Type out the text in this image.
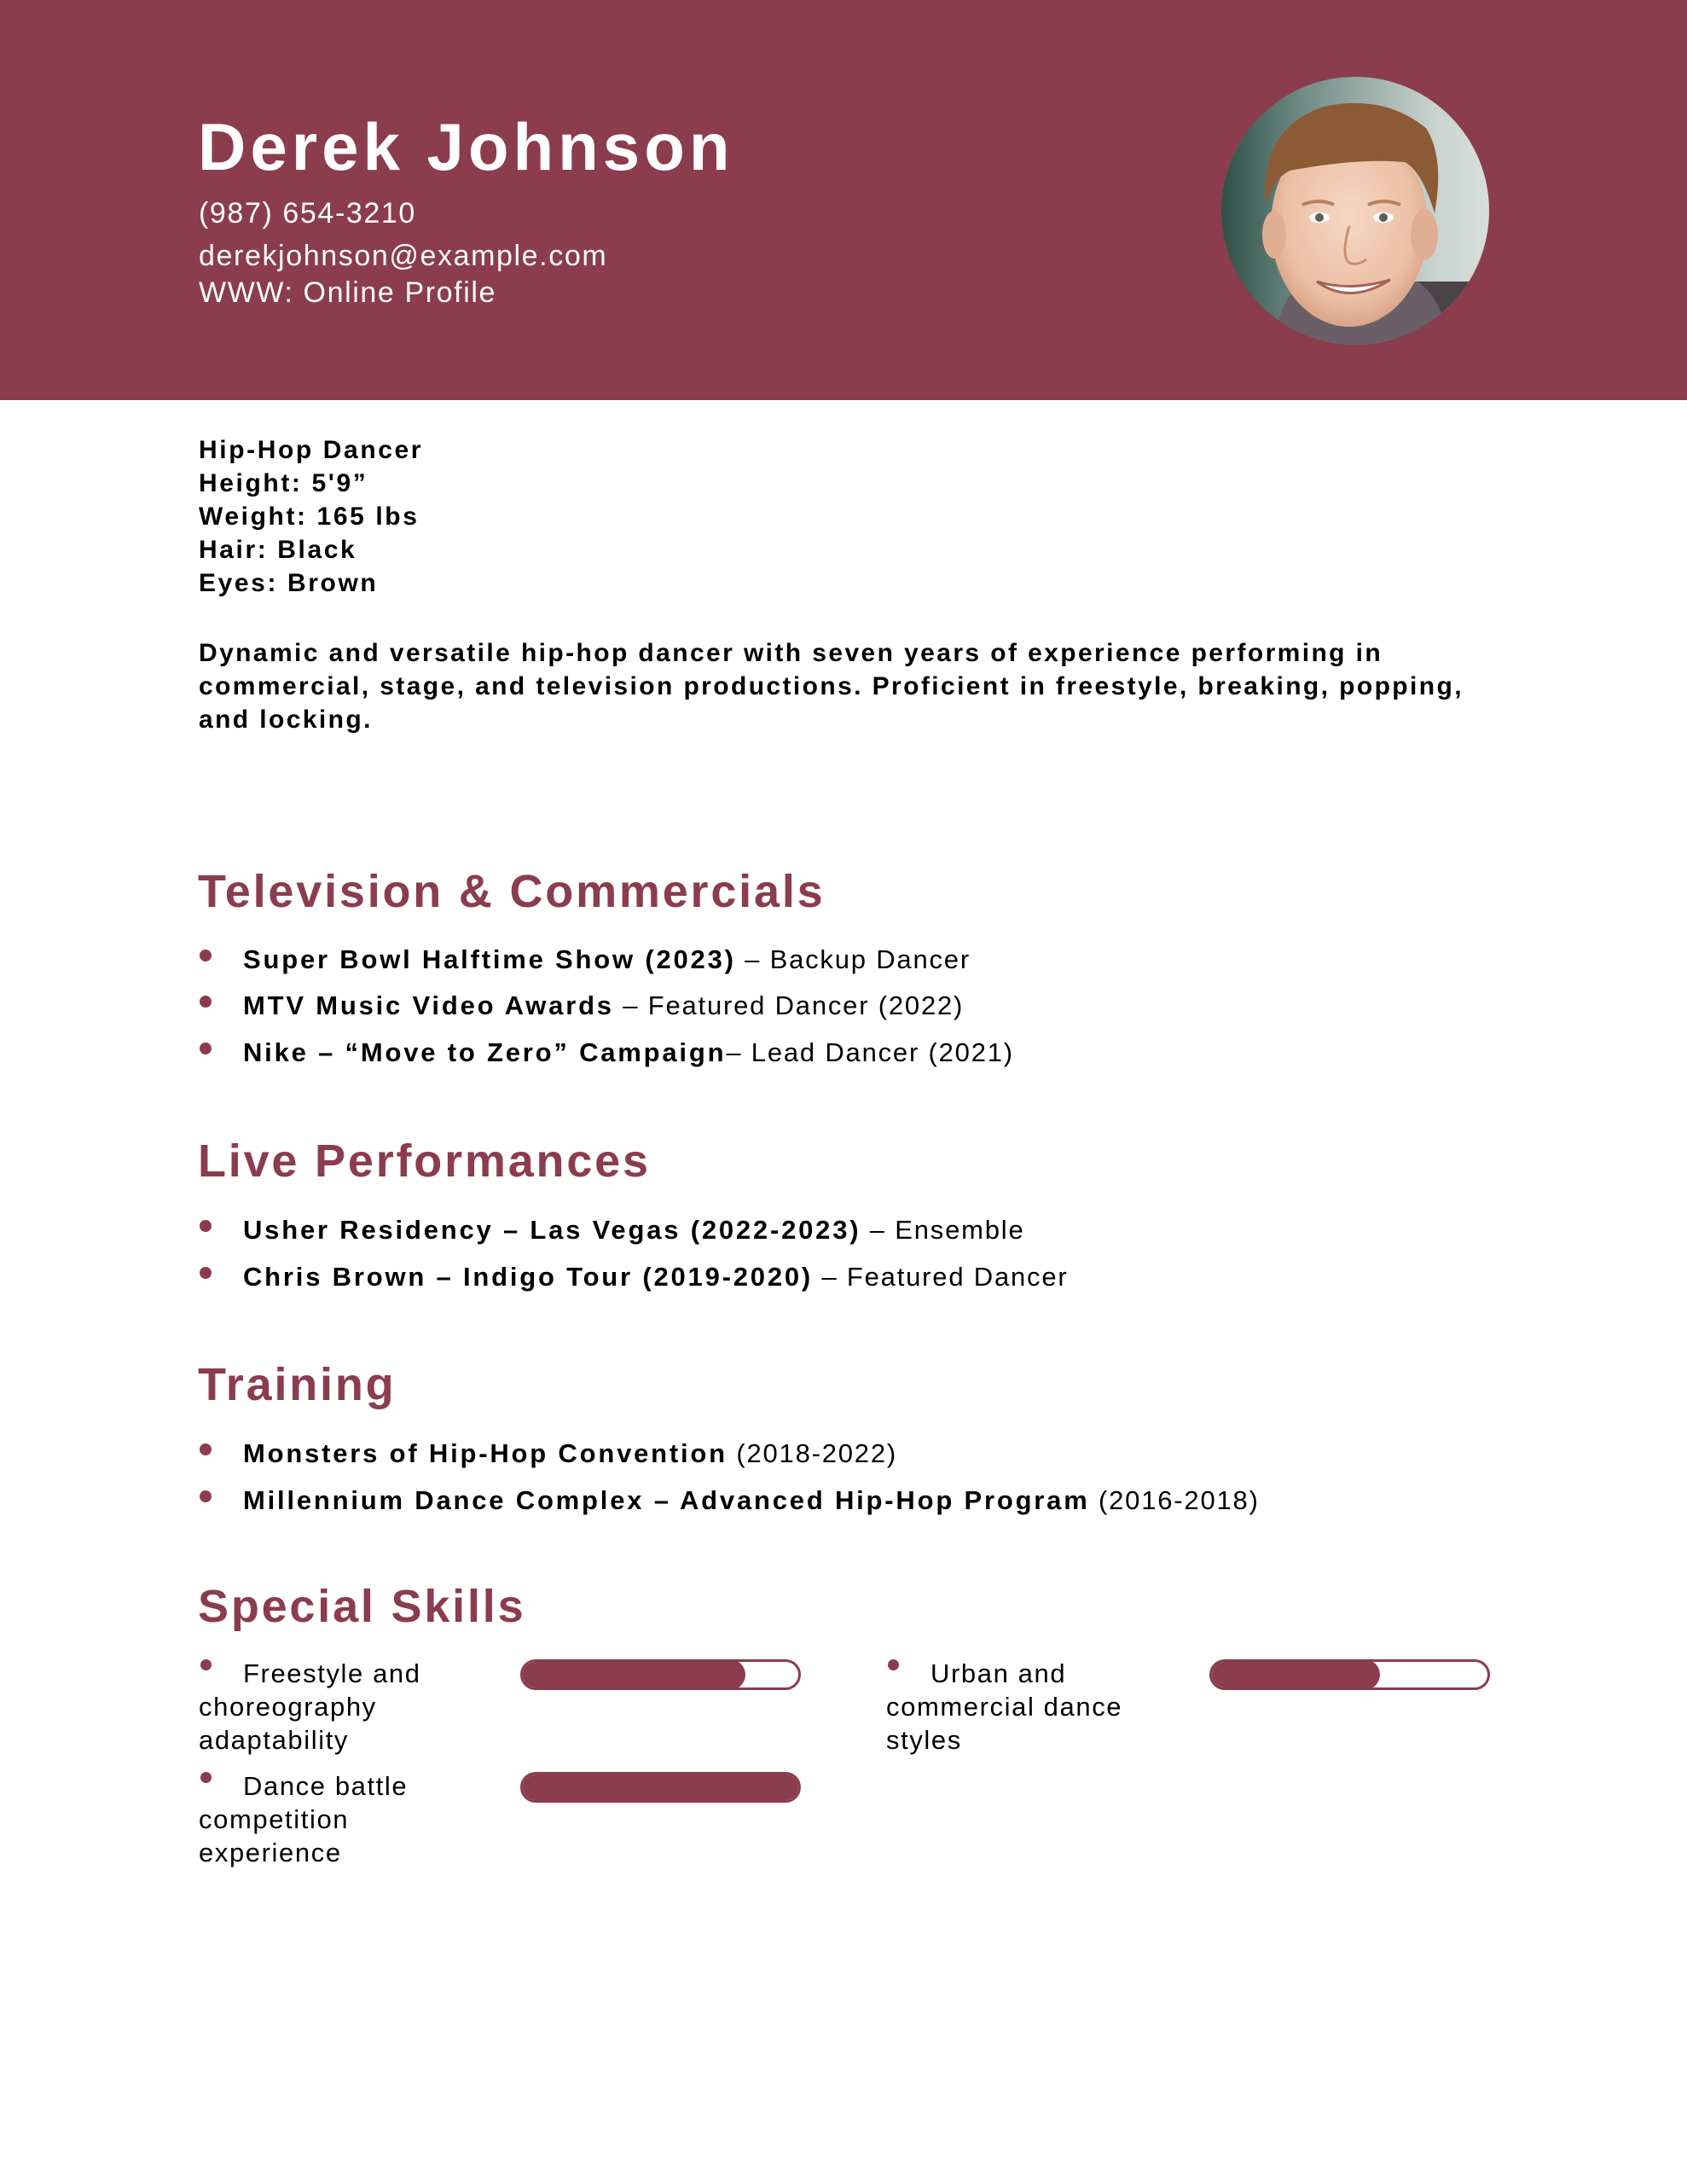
Derek Johnson
(987) 654-3210
derekjohnson@example.com
WWW: Online Profile
Hip-Hop Dancer
Height: 5'9”
Weight: 165 lbs
Hair: Black
Eyes: Brown

Dynamic and versatile hip-hop dancer with seven years of experience performing in commercial, stage, and television productions. Proficient in freestyle, breaking, popping, and locking.

Television & Commercials
Super Bowl Halftime Show (2023) – Backup Dancer
MTV Music Video Awards – Featured Dancer (2022)
Nike – “Move to Zero” Campaign– Lead Dancer (2021)
Live Performances
Usher Residency – Las Vegas (2022-2023) – Ensemble
Chris Brown – Indigo Tour (2019-2020) – Featured Dancer
Training
Monsters of Hip-Hop Convention (2018-2022)
Millennium Dance Complex – Advanced Hip-Hop Program (2016-2018)
Special Skills
Freestyle and choreography adaptability
Urban and commercial dance styles
Dance battle competition experience
